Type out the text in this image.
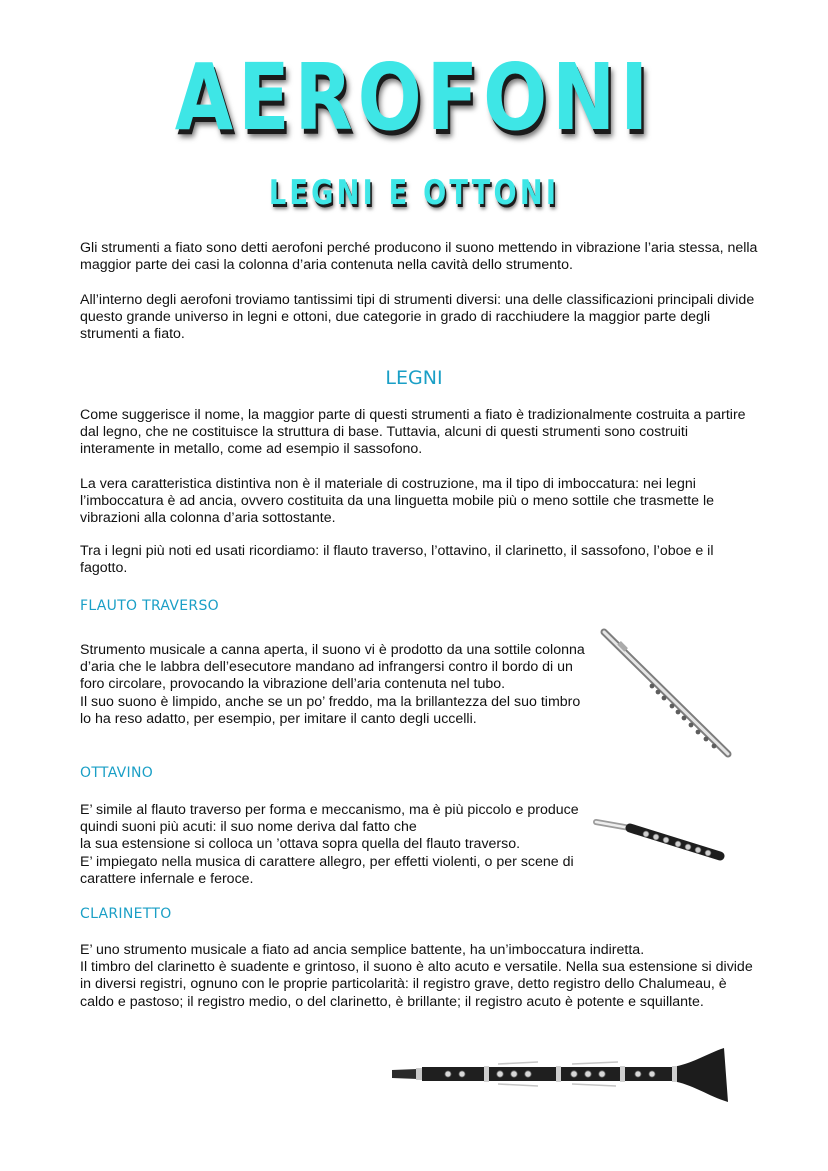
AEROFONI
LEGNI E OTTONI

Gli strumenti a fiato sono detti aerofoni perché producono il suono mettendo in vibrazione l’aria stessa, nella maggior parte dei casi la colonna d’aria contenuta nella cavità dello strumento.

All’interno degli aerofoni troviamo tantissimi tipi di strumenti diversi: una delle classificazioni principali divide questo grande universo in legni e ottoni, due categorie in grado di racchiudere la maggior parte degli strumenti a fiato.

LEGNI

Come suggerisce il nome, la maggior parte di questi strumenti a fiato è tradizionalmente costruita a partire dal legno, che ne costituisce la struttura di base. Tuttavia, alcuni di questi strumenti sono costruiti interamente in metallo, come ad esempio il sassofono.

La vera caratteristica distintiva non è il materiale di costruzione, ma il tipo di imboccatura: nei legni l’imboccatura è ad ancia, ovvero costituita da una linguetta mobile più o meno sottile che trasmette le vibrazioni alla colonna d’aria sottostante.

Tra i legni più noti ed usati ricordiamo: il flauto traverso, l’ottavino, il clarinetto, il sassofono, l’oboe e il fagotto.

FLAUTO TRAVERSO

Strumento musicale a canna aperta, il suono vi è prodotto da una sottile colonna d’aria che le labbra dell’esecutore mandano ad infrangersi contro il bordo di un foro circolare, provocando la vibrazione dell’aria contenuta nel tubo.
Il suo suono è limpido, anche se un po’ freddo, ma la brillantezza del suo timbro lo ha reso adatto, per esempio, per imitare il canto degli uccelli.

OTTAVINO

E’ simile al flauto traverso per forma e meccanismo, ma è più piccolo e produce quindi suoni più acuti: il suo nome deriva dal fatto che
la sua estensione si colloca un ’ottava sopra quella del flauto traverso.
E’ impiegato nella musica di carattere allegro, per effetti violenti, o per scene di carattere infernale e feroce.

CLARINETTO

E’ uno strumento musicale a fiato ad ancia semplice battente, ha un’imboccatura indiretta.
Il timbro del clarinetto è suadente e grintoso, il suono è alto acuto e versatile. Nella sua estensione si divide in diversi registri, ognuno con le proprie particolarità: il registro grave, detto registro dello Chalumeau, è caldo e pastoso; il registro medio, o del clarinetto, è brillante; il registro acuto è potente e squillante.
